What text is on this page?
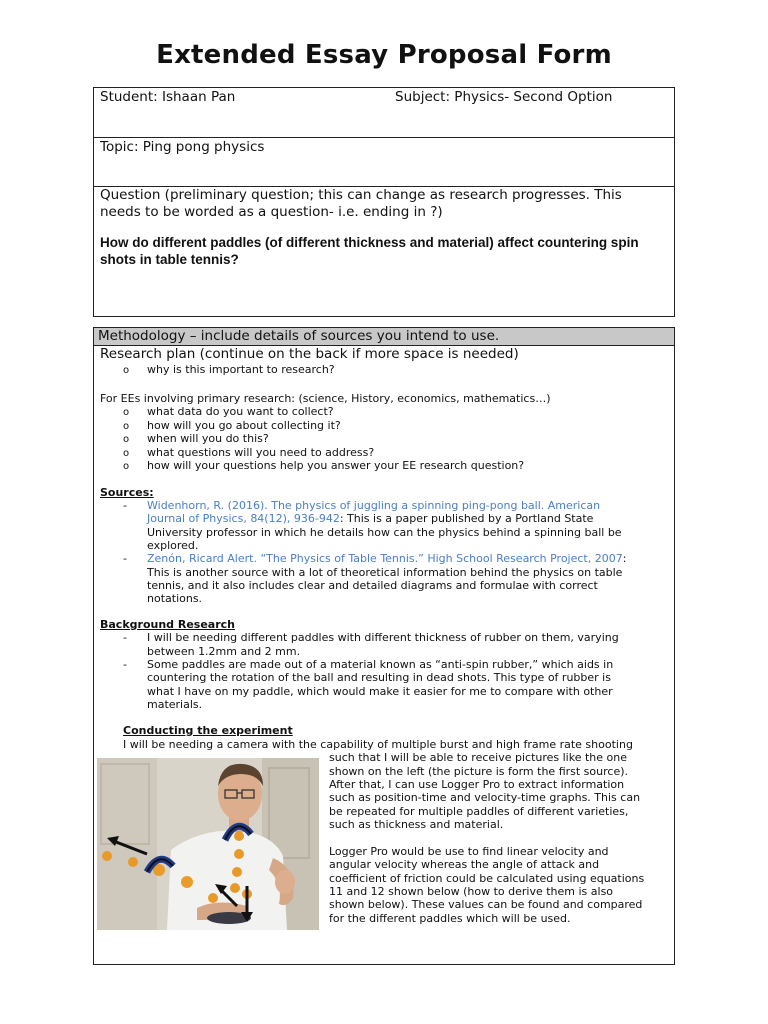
Extended Essay Proposal Form
Student: Ishaan Pan	Subject: Physics- Second Option
Topic: Ping pong physics
Question (preliminary question; this can change as research progresses. This
needs to be worded as a question- i.e. ending in ?)
How do different paddles (of different thickness and material) affect countering spin
shots in table tennis?
Methodology – include details of sources you intend to use.
Research plan (continue on the back if more space is needed)
o why is this important to research?
For EEs involving primary research: (science, History, economics, mathematics…)
o what data do you want to collect?
o how will you go about collecting it?
o when will you do this?
o what questions will you need to address?
o how will your questions help you answer your EE research question?
Sources:
- Widenhorn, R. (2016). The physics of juggling a spinning ping-pong ball. American
Journal of Physics, 84(12), 936-942: This is a paper published by a Portland State
University professor in which he details how can the physics behind a spinning ball be
explored.
- Zenón, Ricard Alert. “The Physics of Table Tennis.” High School Research Project, 2007:
This is another source with a lot of theoretical information behind the physics on table
tennis, and it also includes clear and detailed diagrams and formulae with correct
notations.
Background Research
- I will be needing different paddles with different thickness of rubber on them, varying
between 1.2mm and 2 mm.
- Some paddles are made out of a material known as “anti-spin rubber,” which aids in
countering the rotation of the ball and resulting in dead shots. This type of rubber is
what I have on my paddle, which would make it easier for me to compare with other
materials.
Conducting the experiment
I will be needing a camera with the capability of multiple burst and high frame rate shooting
such that I will be able to receive pictures like the one
shown on the left (the picture is form the first source).
After that, I can use Logger Pro to extract information
such as position-time and velocity-time graphs. This can
be repeated for multiple paddles of different varieties,
such as thickness and material.
Logger Pro would be use to find linear velocity and
angular velocity whereas the angle of attack and
coefficient of friction could be calculated using equations
11 and 12 shown below (how to derive them is also
shown below). These values can be found and compared
for the different paddles which will be used.
